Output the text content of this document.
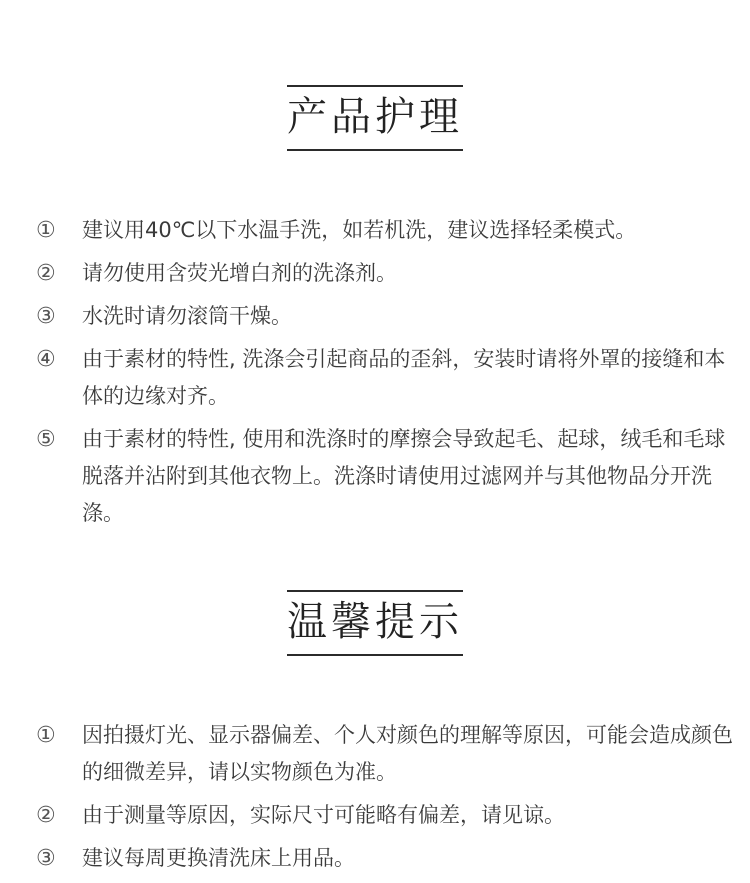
产品护理
① 建议用40℃以下水温手洗，如若机洗，建议选择轻柔模式。
② 请勿使用含荧光增白剂的洗涤剂。
③ 水洗时请勿滚筒干燥。
④ 由于素材的特性, 洗涤会引起商品的歪斜，安装时请将外罩的接缝和本体的边缘对齐。
⑤ 由于素材的特性, 使用和洗涤时的摩擦会导致起毛、起球，绒毛和毛球脱落并沾附到其他衣物上。洗涤时请使用过滤网并与其他物品分开洗涤。
温馨提示
① 因拍摄灯光、显示器偏差、个人对颜色的理解等原因，可能会造成颜色的细微差异，请以实物颜色为准。
② 由于测量等原因，实际尺寸可能略有偏差，请见谅。
③ 建议每周更换清洗床上用品。
